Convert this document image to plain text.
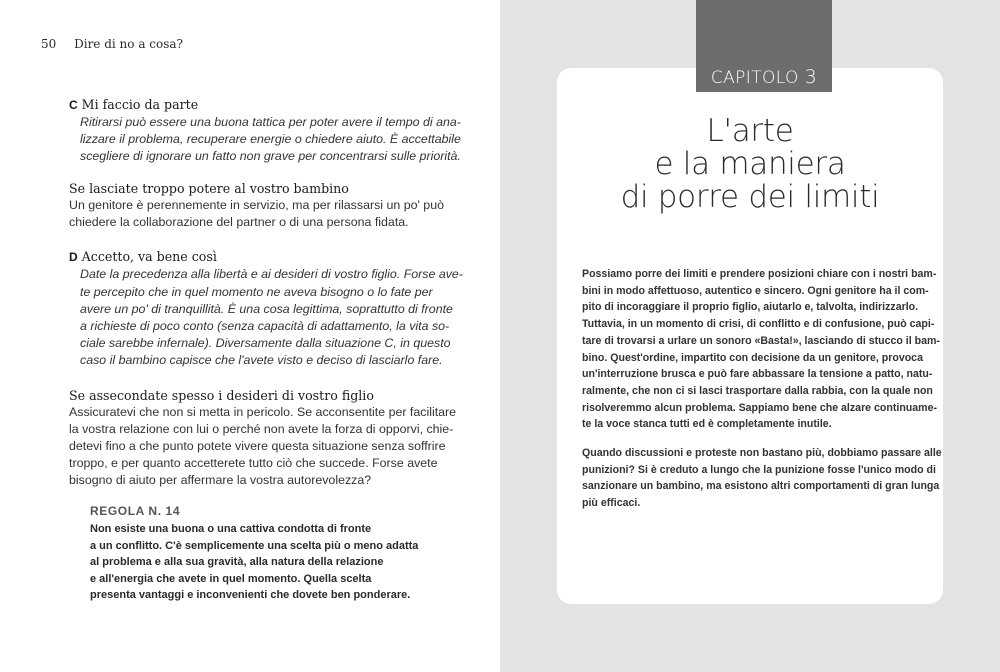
50 Dire di no a cosa?
C Mi faccio da parte
Ritirarsi può essere una buona tattica per poter avere il tempo di ana-
lizzare il problema, recuperare energie o chiedere aiuto. È accettabile
scegliere di ignorare un fatto non grave per concentrarsi sulle priorità.
Se lasciate troppo potere al vostro bambino
Un genitore è perennemente in servizio, ma per rilassarsi un po' può
chiedere la collaborazione del partner o di una persona fidata.
D Accetto, va bene così
Date la precedenza alla libertà e ai desideri di vostro figlio. Forse ave-
te percepito che in quel momento ne aveva bisogno o lo fate per
avere un po' di tranquillità. È una cosa legittima, soprattutto di fronte
a richieste di poco conto (senza capacità di adattamento, la vita so-
ciale sarebbe infernale). Diversamente dalla situazione C, in questo
caso il bambino capisce che l'avete visto e deciso di lasciarlo fare.
Se assecondate spesso i desideri di vostro figlio
Assicuratevi che non si metta in pericolo. Se acconsentite per facilitare
la vostra relazione con lui o perché non avete la forza di opporvi, chie-
detevi fino a che punto potete vivere questa situazione senza soffrire
troppo, e per quanto accetterete tutto ciò che succede. Forse avete
bisogno di aiuto per affermare la vostra autorevolezza?
REGOLA N. 14
Non esiste una buona o una cattiva condotta di fronte
a un conflitto. C'è semplicemente una scelta più o meno adatta
al problema e alla sua gravità, alla natura della relazione
e all'energia che avete in quel momento. Quella scelta
presenta vantaggi e inconvenienti che dovete ben ponderare.
CAPITOLO 3
L'arte
e la maniera
di porre dei limiti
Possiamo porre dei limiti e prendere posizioni chiare con i nostri bam-
bini in modo affettuoso, autentico e sincero. Ogni genitore ha il com-
pito di incoraggiare il proprio figlio, aiutarlo e, talvolta, indirizzarlo.
Tuttavia, in un momento di crisi, di conflitto e di confusione, può capi-
tare di trovarsi a urlare un sonoro «Basta!», lasciando di stucco il bam-
bino. Quest'ordine, impartito con decisione da un genitore, provoca
un'interruzione brusca e può fare abbassare la tensione a patto, natu-
ralmente, che non ci si lasci trasportare dalla rabbia, con la quale non
risolveremmo alcun problema. Sappiamo bene che alzare continuame-
te la voce stanca tutti ed è completamente inutile.
Quando discussioni e proteste non bastano più, dobbiamo passare alle
punizioni? Si è creduto a lungo che la punizione fosse l'unico modo di
sanzionare un bambino, ma esistono altri comportamenti di gran lunga
più efficaci.
